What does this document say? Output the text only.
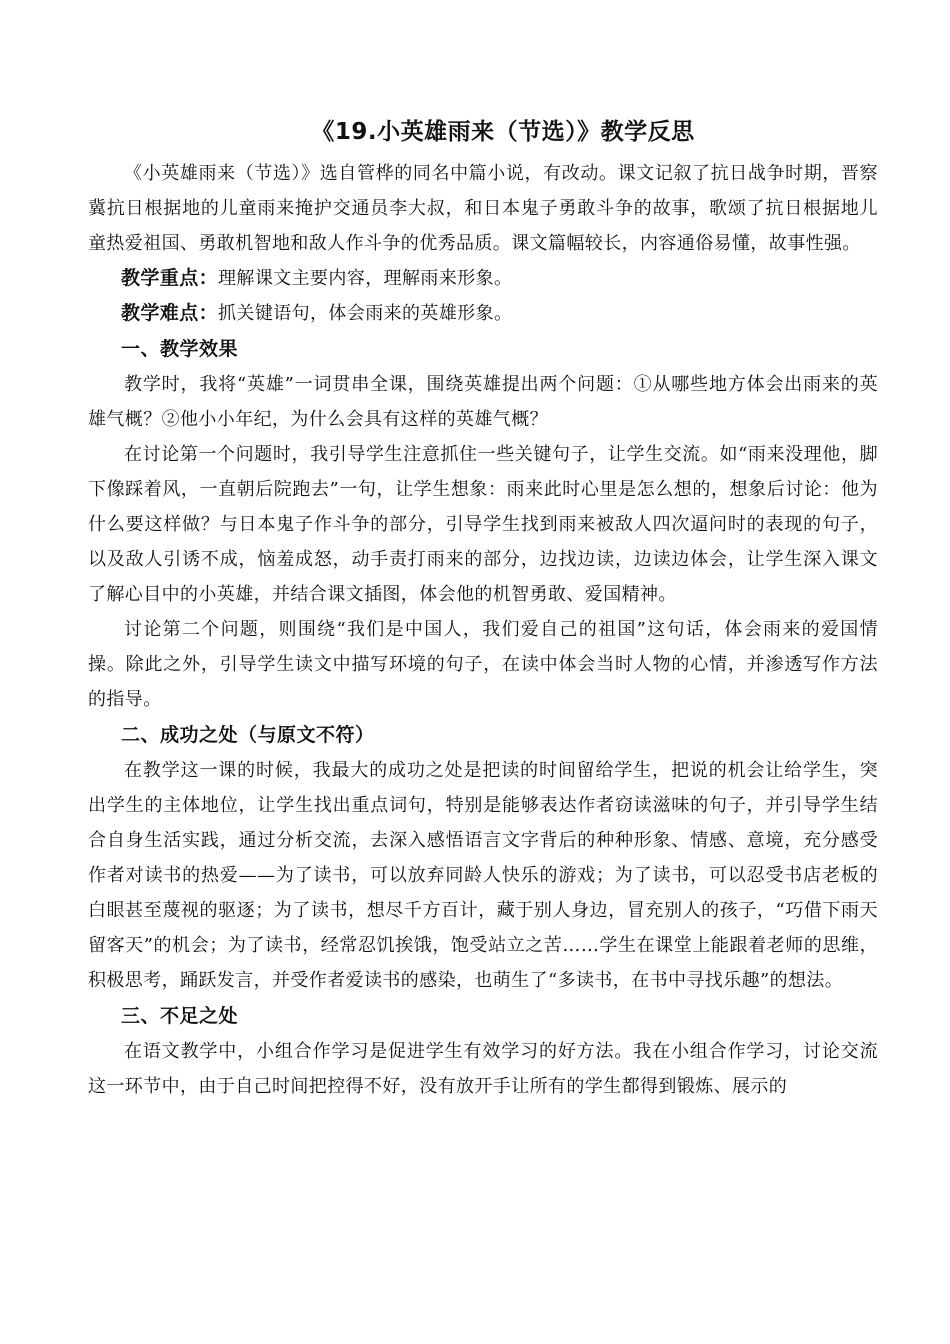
《19.小英雄雨来（节选）》教学反思

《小英雄雨来（节选）》选自管桦的同名中篇小说，有改动。课文记叙了抗日战争时期，晋察冀抗日根据地的儿童雨来掩护交通员李大叔，和日本鬼子勇敢斗争的故事，歌颂了抗日根据地儿童热爱祖国、勇敢机智地和敌人作斗争的优秀品质。课文篇幅较长，内容通俗易懂，故事性强。

教学重点：理解课文主要内容，理解雨来形象。
教学难点：抓关键语句，体会雨来的英雄形象。
一、教学效果

教学时，我将“英雄”一词贯串全课，围绕英雄提出两个问题：①从哪些地方体会出雨来的英雄气概？②他小小年纪，为什么会具有这样的英雄气概？

在讨论第一个问题时，我引导学生注意抓住一些关键句子，让学生交流。如“雨来没理他，脚下像踩着风，一直朝后院跑去”一句，让学生想象：雨来此时心里是怎么想的，想象后讨论：他为什么要这样做？与日本鬼子作斗争的部分，引导学生找到雨来被敌人四次逼问时的表现的句子，以及敌人引诱不成，恼羞成怒，动手责打雨来的部分，边找边读，边读边体会，让学生深入课文了解心目中的小英雄，并结合课文插图，体会他的机智勇敢、爱国精神。

讨论第二个问题，则围绕“我们是中国人，我们爱自己的祖国”这句话，体会雨来的爱国情操。除此之外，引导学生读文中描写环境的句子，在读中体会当时人物的心情，并渗透写作方法的指导。

二、成功之处（与原文不符）

在教学这一课的时候，我最大的成功之处是把读的时间留给学生，把说的机会让给学生，突出学生的主体地位，让学生找出重点词句，特别是能够表达作者窃读滋味的句子，并引导学生结合自身生活实践，通过分析交流，去深入感悟语言文字背后的种种形象、情感、意境，充分感受作者对读书的热爱——为了读书，可以放弃同龄人快乐的游戏；为了读书，可以忍受书店老板的白眼甚至蔑视的驱逐；为了读书，想尽千方百计，藏于别人身边，冒充别人的孩子，“巧借下雨天留客天”的机会；为了读书，经常忍饥挨饿，饱受站立之苦……学生在课堂上能跟着老师的思维，积极思考，踊跃发言，并受作者爱读书的感染，也萌生了“多读书，在书中寻找乐趣”的想法。

三、不足之处

在语文教学中，小组合作学习是促进学生有效学习的好方法。我在小组合作学习，讨论交流这一环节中，由于自己时间把控得不好，没有放开手让所有的学生都得到锻炼、展示的
